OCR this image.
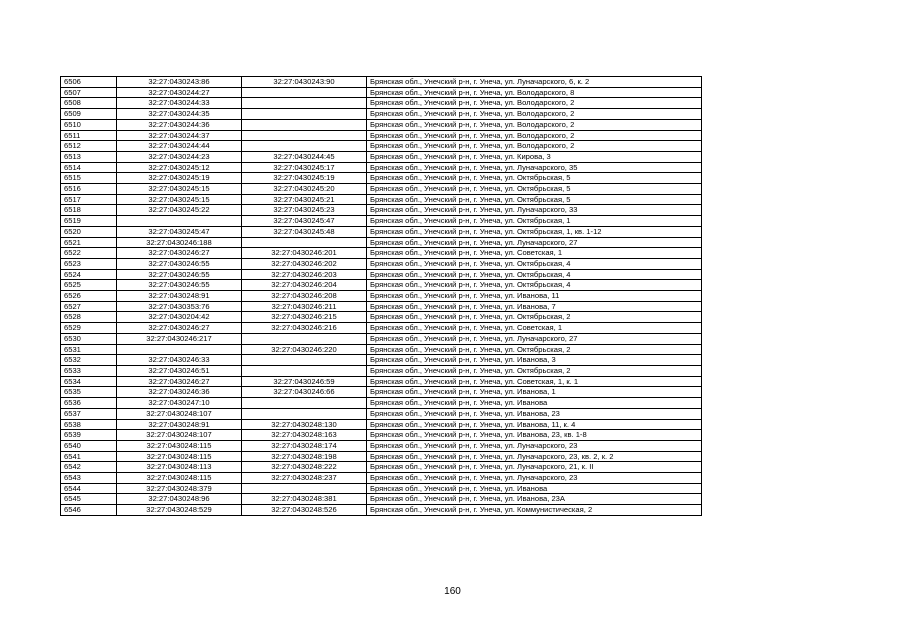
6506	32:27:0430243:86	32:27:0430243:90	Брянская обл., Унечский р-н, г. Унеча, ул. Луначарского, 6, к. 2
6507	32:27:0430244:27		Брянская обл., Унечский р-н, г. Унеча, ул. Володарского, 8
6508	32:27:0430244:33		Брянская обл., Унечский р-н, г. Унеча, ул. Володарского, 2
6509	32:27:0430244:35		Брянская обл., Унечский р-н, г. Унеча, ул. Володарского, 2
6510	32:27:0430244:36		Брянская обл., Унечский р-н, г. Унеча, ул. Володарского, 2
6511	32:27:0430244:37		Брянская обл., Унечский р-н, г. Унеча, ул. Володарского, 2
6512	32:27:0430244:44		Брянская обл., Унечский р-н, г. Унеча, ул. Володарского, 2
6513	32:27:0430244:23	32:27:0430244:45	Брянская обл., Унечский р-н, г. Унеча, ул. Кирова, 3
6514	32:27:0430245:12	32:27:0430245:17	Брянская обл., Унечский р-н, г. Унеча, ул. Луначарского, 35
6515	32:27:0430245:19	32:27:0430245:19	Брянская обл., Унечский р-н, г. Унеча, ул. Октябрьская, 5
6516	32:27:0430245:15	32:27:0430245:20	Брянская обл., Унечский р-н, г. Унеча, ул. Октябрьская, 5
6517	32:27:0430245:15	32:27:0430245:21	Брянская обл., Унечский р-н, г. Унеча, ул. Октябрьская, 5
6518	32:27:0430245:22	32:27:0430245:23	Брянская обл., Унечский р-н, г. Унеча, ул. Луначарского, 33
6519		32:27:0430245:47	Брянская обл., Унечский р-н, г. Унеча, ул. Октябрьская, 1
6520	32:27:0430245:47	32:27:0430245:48	Брянская обл., Унечский р-н, г. Унеча, ул. Октябрьская, 1, кв. 1-12
6521	32:27:0430246:188		Брянская обл., Унечский р-н, г. Унеча, ул. Луначарского, 27
6522	32:27:0430246:27	32:27:0430246:201	Брянская обл., Унечский р-н, г. Унеча, ул. Советская, 1
6523	32:27:0430246:55	32:27:0430246:202	Брянская обл., Унечский р-н, г. Унеча, ул. Октябрьская, 4
6524	32:27:0430246:55	32:27:0430246:203	Брянская обл., Унечский р-н, г. Унеча, ул. Октябрьская, 4
6525	32:27:0430246:55	32:27:0430246:204	Брянская обл., Унечский р-н, г. Унеча, ул. Октябрьская, 4
6526	32:27:0430248:91	32:27:0430246:208	Брянская обл., Унечский р-н, г. Унеча, ул. Иванова, 11
6527	32:27:0430353:76	32:27:0430246:211	Брянская обл., Унечский р-н, г. Унеча, ул. Иванова, 7
6528	32:27:0430204:42	32:27:0430246:215	Брянская обл., Унечский р-н, г. Унеча, ул. Октябрьская, 2
6529	32:27:0430246:27	32:27:0430246:216	Брянская обл., Унечский р-н, г. Унеча, ул. Советская, 1
6530	32:27:0430246:217		Брянская обл., Унечский р-н, г. Унеча, ул. Луначарского, 27
6531		32:27:0430246:220	Брянская обл., Унечский р-н, г. Унеча, ул. Октябрьская, 2
6532	32:27:0430246:33		Брянская обл., Унечский р-н, г. Унеча, ул. Иванова, 3
6533	32:27:0430246:51		Брянская обл., Унечский р-н, г. Унеча, ул. Октябрьская, 2
6534	32:27:0430246:27	32:27:0430246:59	Брянская обл., Унечский р-н, г. Унеча, ул. Советская, 1, к. 1
6535	32:27:0430246:36	32:27:0430246:66	Брянская обл., Унечский р-н, г. Унеча, ул. Иванова, 1
6536	32:27:0430247:10		Брянская обл., Унечский р-н, г. Унеча, ул. Иванова
6537	32:27:0430248:107		Брянская обл., Унечский р-н, г. Унеча, ул. Иванова, 23
6538	32:27:0430248:91	32:27:0430248:130	Брянская обл., Унечский р-н, г. Унеча, ул. Иванова, 11, к. 4
6539	32:27:0430248:107	32:27:0430248:163	Брянская обл., Унечский р-н, г. Унеча, ул. Иванова, 23, кв. 1-8
6540	32:27:0430248:115	32:27:0430248:174	Брянская обл., Унечский р-н, г. Унеча, ул. Луначарского, 23
6541	32:27:0430248:115	32:27:0430248:198	Брянская обл., Унечский р-н, г. Унеча, ул. Луначарского, 23, кв. 2, к. 2
6542	32:27:0430248:113	32:27:0430248:222	Брянская обл., Унечский р-н, г. Унеча, ул. Луначарского, 21, к. II
6543	32:27:0430248:115	32:27:0430248:237	Брянская обл., Унечский р-н, г. Унеча, ул. Луначарского, 23
6544	32:27:0430248:379		Брянская обл., Унечский р-н, г. Унеча, ул. Иванова
6545	32:27:0430248:96	32:27:0430248:381	Брянская обл., Унечский р-н, г. Унеча, ул. Иванова, 23А
6546	32:27:0430248:529	32:27:0430248:526	Брянская обл., Унечский р-н, г. Унеча, ул. Коммунистическая, 2
160
